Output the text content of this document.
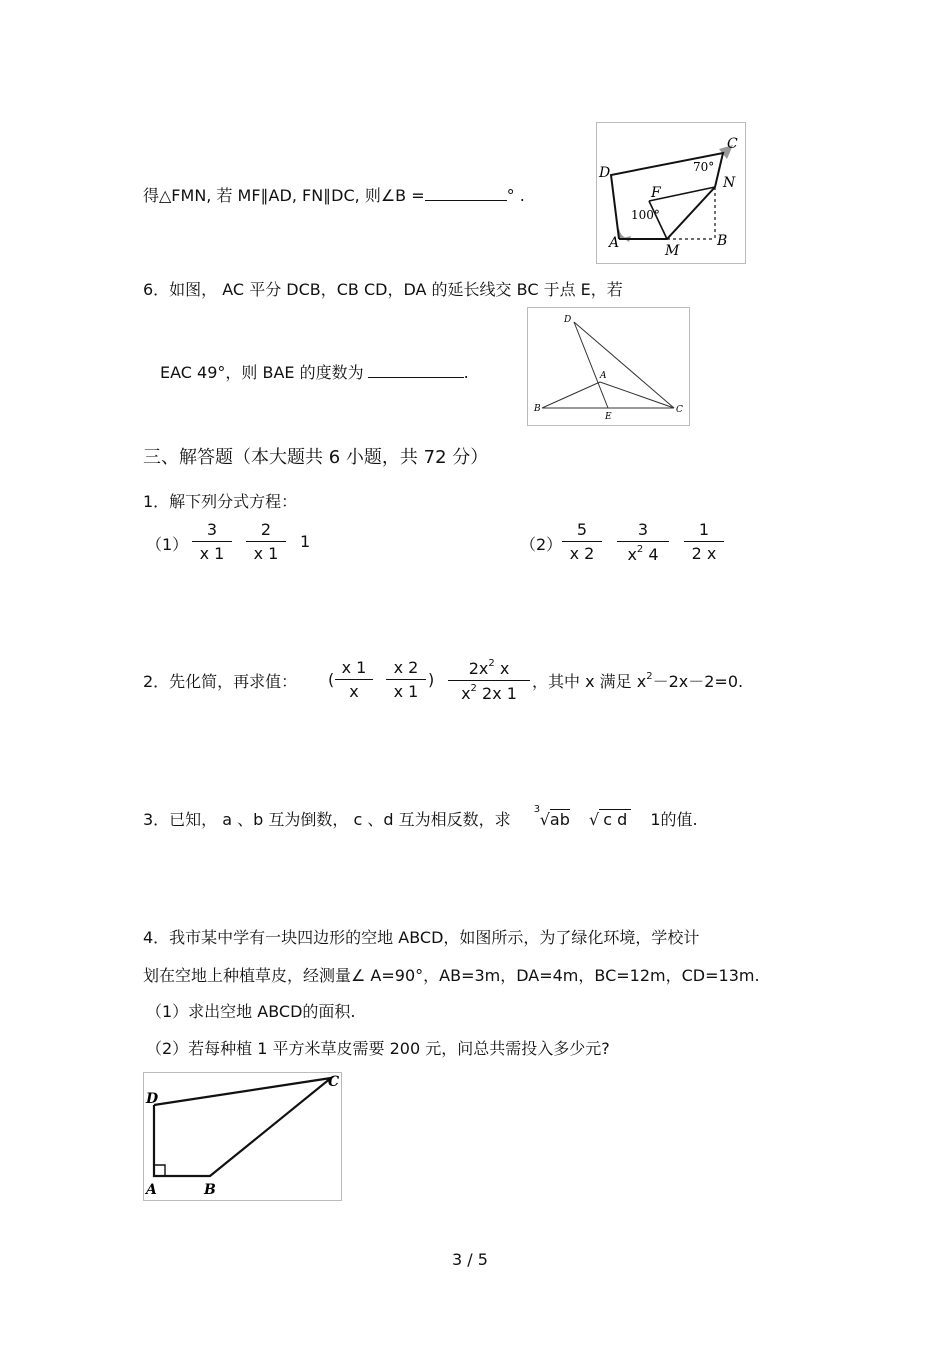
得△FMN, 若 MF∥AD, FN∥DC, 则∠B =	° .
D
C
N
F
A	M
B
100°
70°
6．如图， AC 平分 DCB，CB CD，DA 的延长线交 BC 于点 E，若
EAC 49°，则 BAE 的度数为	.
D
A
B
E
C
三、解答题（本大题共 6 小题，共 72 分）
1．解下列分式方程：
（1）
3
x 1
2
x 1
1	（2）
5
x 2
3
$x^2$ 4
1
2 x
2．先化简，再求值： (
x 1
x
x 2
x 1
)
$2x^2$ x
$x^2$ 2x 1
，其中 x 满足 $x^2-2x-2=0$.
3．已知， a 、b 互为倒数， c 、d 互为相反数，求
3
√ab √ c d 1的值.
4．我市某中学有一块四边形的空地 ABCD，如图所示，为了绿化环境，学校计
划在空地上种植草皮，经测量∠ A=90°，AB=3m，DA=4m，BC=12m，CD=13m.
（1）求出空地 ABCD的面积.
（2）若每种植 1 平方米草皮需要 200 元，问总共需投入多少元?
D
C
A	B
3 / 5
